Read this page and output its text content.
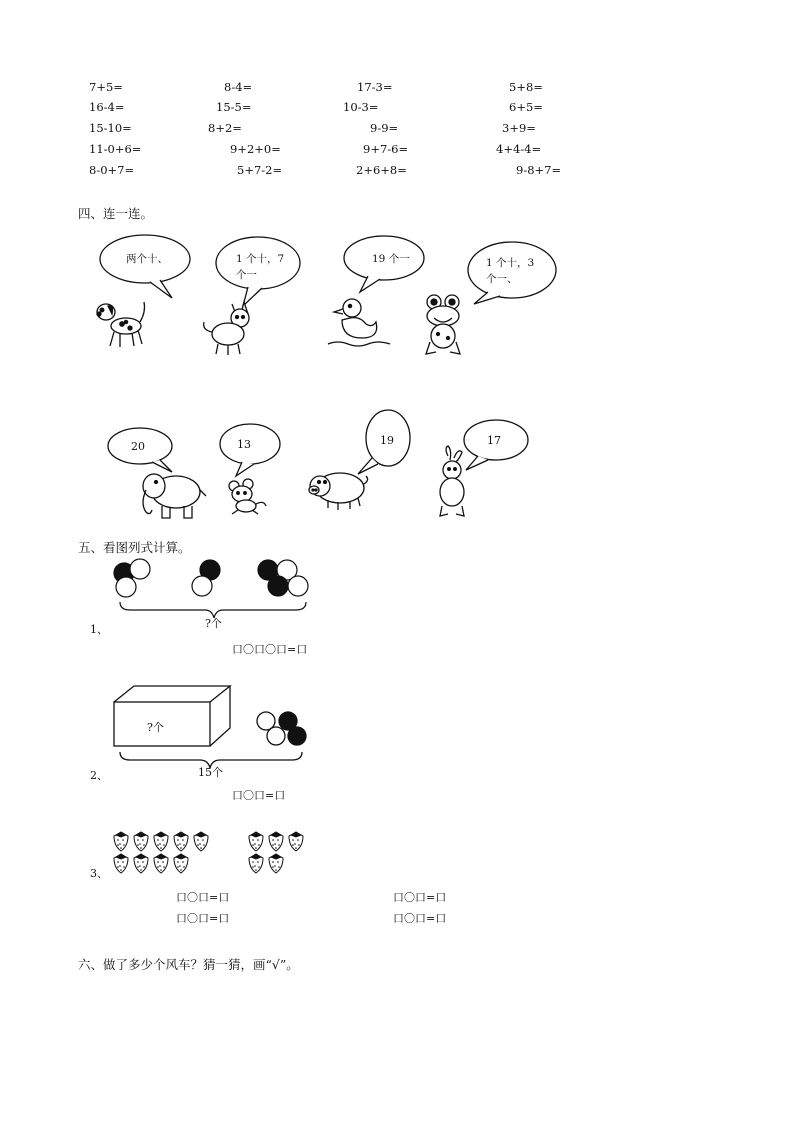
7+5=	8-4=	17-3=	5+8=
16-4=	15-5=	10-3=	6+5=
15-10=	8+2=	9-9=	3+9=
11-0+6=	9+2+0=	9+7-6=	4+4-4=
8-0+7=	5+7-2=	2+6+8=	9-8+7=
四、连一连。
两个十、	1 个十，7
个一
19 个一	1 个十，3
个一、
20	13	19	17
五、看图列式计算。
1、	?个
口〇口〇口=口
?个
2、	15个
口〇口=口
3、
口〇口=口	口〇口=口
口〇口=口	口〇口=口
六、做了多少个风车？猜一猜，画“√”。
